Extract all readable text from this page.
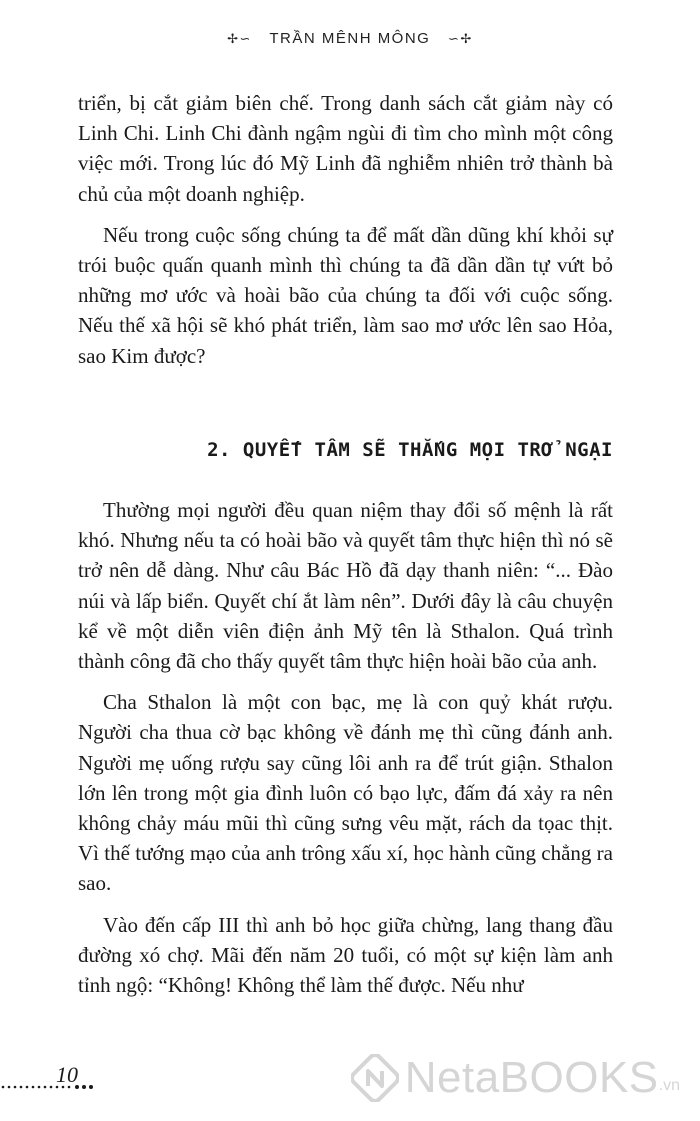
✢∽ TRẦN MÊNH MÔNG ∽✢

triển, bị cắt giảm biên chế. Trong danh sách cắt giảm này có Linh Chi. Linh Chi đành ngậm ngùi đi tìm cho mình một công việc mới. Trong lúc đó Mỹ Linh đã nghiễm nhiên trở thành bà chủ của một doanh nghiệp.

Nếu trong cuộc sống chúng ta để mất dần dũng khí khỏi sự trói buộc quấn quanh mình thì chúng ta đã dần dần tự vứt bỏ những mơ ước và hoài bão của chúng ta đối với cuộc sống. Nếu thế xã hội sẽ khó phát triển, làm sao mơ ước lên sao Hỏa, sao Kim được?

2. QUYẾT TÂM SẼ THẮNG MỌI TRỞ NGẠI

Thường mọi người đều quan niệm thay đổi số mệnh là rất khó. Nhưng nếu ta có hoài bão và quyết tâm thực hiện thì nó sẽ trở nên dễ dàng. Như câu Bác Hồ đã dạy thanh niên: “... Đào núi và lấp biển. Quyết chí ắt làm nên”. Dưới đây là câu chuyện kể về một diễn viên điện ảnh Mỹ tên là Sthalon. Quá trình thành công đã cho thấy quyết tâm thực hiện hoài bão của anh.

Cha Sthalon là một con bạc, mẹ là con quỷ khát rượu. Người cha thua cờ bạc không về đánh mẹ thì cũng đánh anh. Người mẹ uống rượu say cũng lôi anh ra để trút giận. Sthalon lớn lên trong một gia đình luôn có bạo lực, đấm đá xảy ra nên không chảy máu mũi thì cũng sưng vêu mặt, rách da tọac thịt. Vì thế tướng mạo của anh trông xấu xí, học hành cũng chẳng ra sao.

Vào đến cấp III thì anh bỏ học giữa chừng, lang thang đầu đường xó chợ. Mãi đến năm 20 tuổi, có một sự kiện làm anh tỉnh ngộ: “Không! Không thể làm thế được. Nếu như

10	NetaBOOKS .vn
